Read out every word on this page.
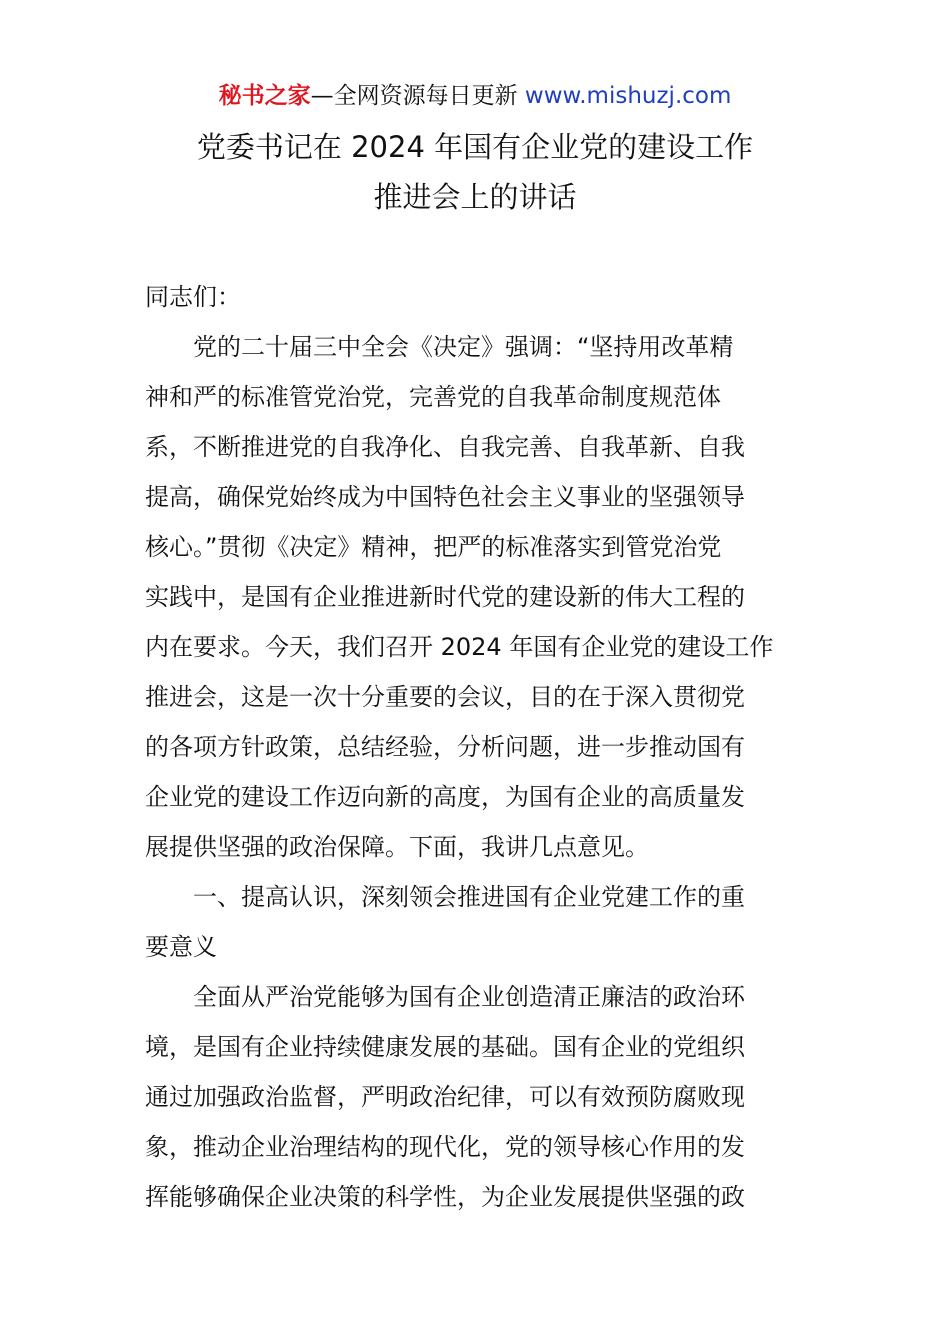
秘书之家—全网资源每日更新 www.mishuzj.com
党委书记在 2024 年国有企业党的建设工作
推进会上的讲话
同志们：
　　党的二十届三中全会《决定》强调：“坚持用改革精
神和严的标准管党治党，完善党的自我革命制度规范体
系，不断推进党的自我净化、自我完善、自我革新、自我
提高，确保党始终成为中国特色社会主义事业的坚强领导
核心。”贯彻《决定》精神，把严的标准落实到管党治党
实践中，是国有企业推进新时代党的建设新的伟大工程的
内在要求。今天，我们召开 2024 年国有企业党的建设工作
推进会，这是一次十分重要的会议，目的在于深入贯彻党
的各项方针政策，总结经验，分析问题，进一步推动国有
企业党的建设工作迈向新的高度，为国有企业的高质量发
展提供坚强的政治保障。下面，我讲几点意见。
　　一、提高认识，深刻领会推进国有企业党建工作的重
要意义
　　全面从严治党能够为国有企业创造清正廉洁的政治环
境，是国有企业持续健康发展的基础。国有企业的党组织
通过加强政治监督，严明政治纪律，可以有效预防腐败现
象，推动企业治理结构的现代化，党的领导核心作用的发
挥能够确保企业决策的科学性，为企业发展提供坚强的政
